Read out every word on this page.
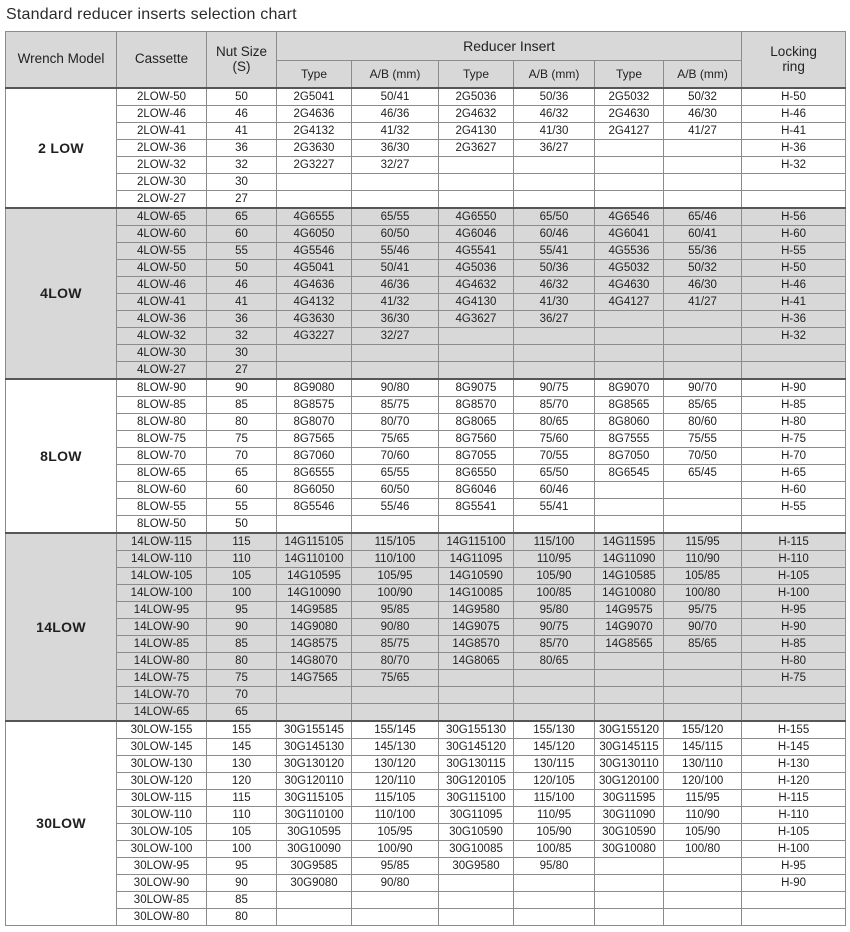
Standard reducer inserts selection chart
Wrench Model	Cassette	
Nut Size
(S)
	Reducer Insert	Locking
ring

			Type	A/B (mm)	Type	A/B (mm)	Type	A/B (mm)	
2 LOW	2LOW-50	50	2G5041	50/41	2G5036	50/36	2G5032	50/32	H-50
	2LOW-46	46	2G4636	46/36	2G4632	46/32	2G4630	46/30	H-46
	2LOW-41	41	2G4132	41/32	2G4130	41/30	2G4127	41/27	H-41
	2LOW-36	36	2G3630	36/30	2G3627	36/27			H-36
	2LOW-32	32	2G3227	32/27					H-32
	2LOW-30	30							
	2LOW-27	27							
4LOW	4LOW-65	65	4G6555	65/55	4G6550	65/50	4G6546	65/46	H-56
	4LOW-60	60	4G6050	60/50	4G6046	60/46	4G6041	60/41	H-60
	4LOW-55	55	4G5546	55/46	4G5541	55/41	4G5536	55/36	H-55
	4LOW-50	50	4G5041	50/41	4G5036	50/36	4G5032	50/32	H-50
	4LOW-46	46	4G4636	46/36	4G4632	46/32	4G4630	46/30	H-46
	4LOW-41	41	4G4132	41/32	4G4130	41/30	4G4127	41/27	H-41
	4LOW-36	36	4G3630	36/30	4G3627	36/27			H-36
	4LOW-32	32	4G3227	32/27					H-32
	4LOW-30	30							
	4LOW-27	27							
8LOW	8LOW-90	90	8G9080	90/80	8G9075	90/75	8G9070	90/70	H-90
	8LOW-85	85	8G8575	85/75	8G8570	85/70	8G8565	85/65	H-85
	8LOW-80	80	8G8070	80/70	8G8065	80/65	8G8060	80/60	H-80
	8LOW-75	75	8G7565	75/65	8G7560	75/60	8G7555	75/55	H-75
	8LOW-70	70	8G7060	70/60	8G7055	70/55	8G7050	70/50	H-70
	8LOW-65	65	8G6555	65/55	8G6550	65/50	8G6545	65/45	H-65
	8LOW-60	60	8G6050	60/50	8G6046	60/46			H-60
	8LOW-55	55	8G5546	55/46	8G5541	55/41			H-55
	8LOW-50	50							
14LOW	14LOW-115	115	14G115105	115/105	14G115100	115/100	14G11595	115/95	H-115
	14LOW-110	110	14G110100	110/100	14G11095	110/95	14G11090	110/90	H-110
	14LOW-105	105	14G10595	105/95	14G10590	105/90	14G10585	105/85	H-105
	14LOW-100	100	14G10090	100/90	14G10085	100/85	14G10080	100/80	H-100
	14LOW-95	95	14G9585	95/85	14G9580	95/80	14G9575	95/75	H-95
	14LOW-90	90	14G9080	90/80	14G9075	90/75	14G9070	90/70	H-90
	14LOW-85	85	14G8575	85/75	14G8570	85/70	14G8565	85/65	H-85
	14LOW-80	80	14G8070	80/70	14G8065	80/65			H-80
	14LOW-75	75	14G7565	75/65					H-75
	14LOW-70	70							
	14LOW-65	65							
30LOW	30LOW-155	155	30G155145	155/145	30G155130	155/130	30G155120	155/120	H-155
	30LOW-145	145	30G145130	145/130	30G145120	145/120	30G145115	145/115	H-145
	30LOW-130	130	30G130120	130/120	30G130115	130/115	30G130110	130/110	H-130
	30LOW-120	120	30G120110	120/110	30G120105	120/105	30G120100	120/100	H-120
	30LOW-115	115	30G115105	115/105	30G115100	115/100	30G11595	115/95	H-115
	30LOW-110	110	30G110100	110/100	30G11095	110/95	30G11090	110/90	H-110
	30LOW-105	105	30G10595	105/95	30G10590	105/90	30G10590	105/90	H-105
	30LOW-100	100	30G10090	100/90	30G10085	100/85	30G10080	100/80	H-100
	30LOW-95	95	30G9585	95/85	30G9580	95/80			H-95
	30LOW-90	90	30G9080	90/80					H-90
	30LOW-85	85							
	30LOW-80	80							
